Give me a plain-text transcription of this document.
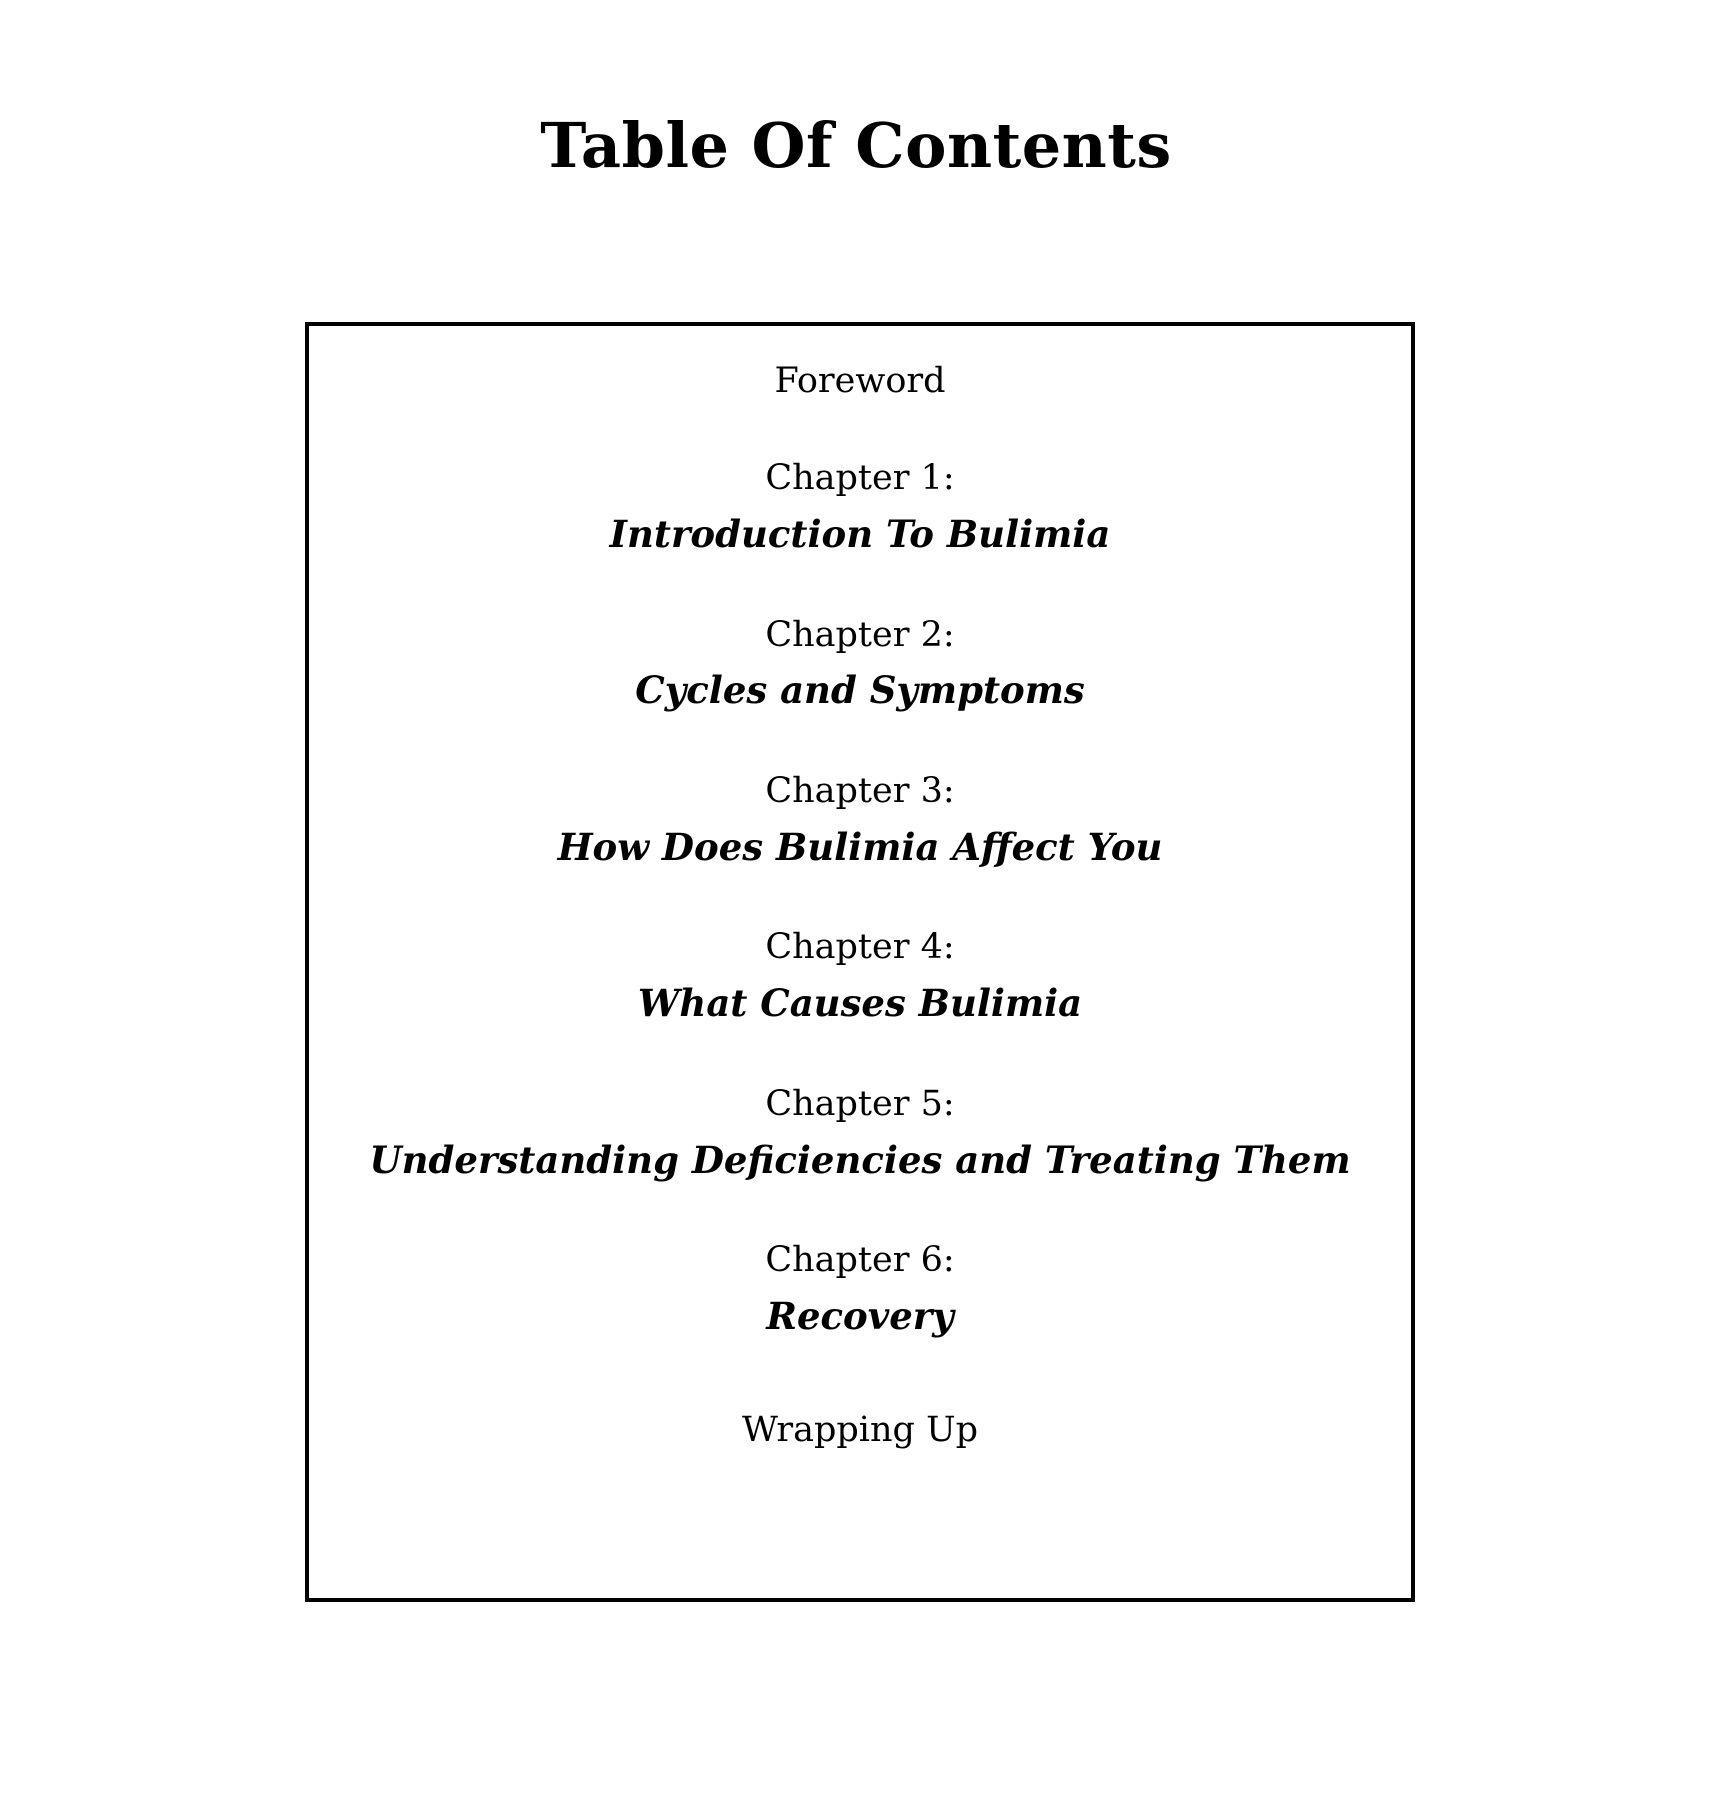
Table Of Contents
Foreword
Chapter 1:
Introduction To Bulimia
Chapter 2:
Cycles and Symptoms
Chapter 3:
How Does Bulimia Affect You
Chapter 4:
What Causes Bulimia
Chapter 5:
Understanding Deficiencies and Treating Them
Chapter 6:
Recovery
Wrapping Up
